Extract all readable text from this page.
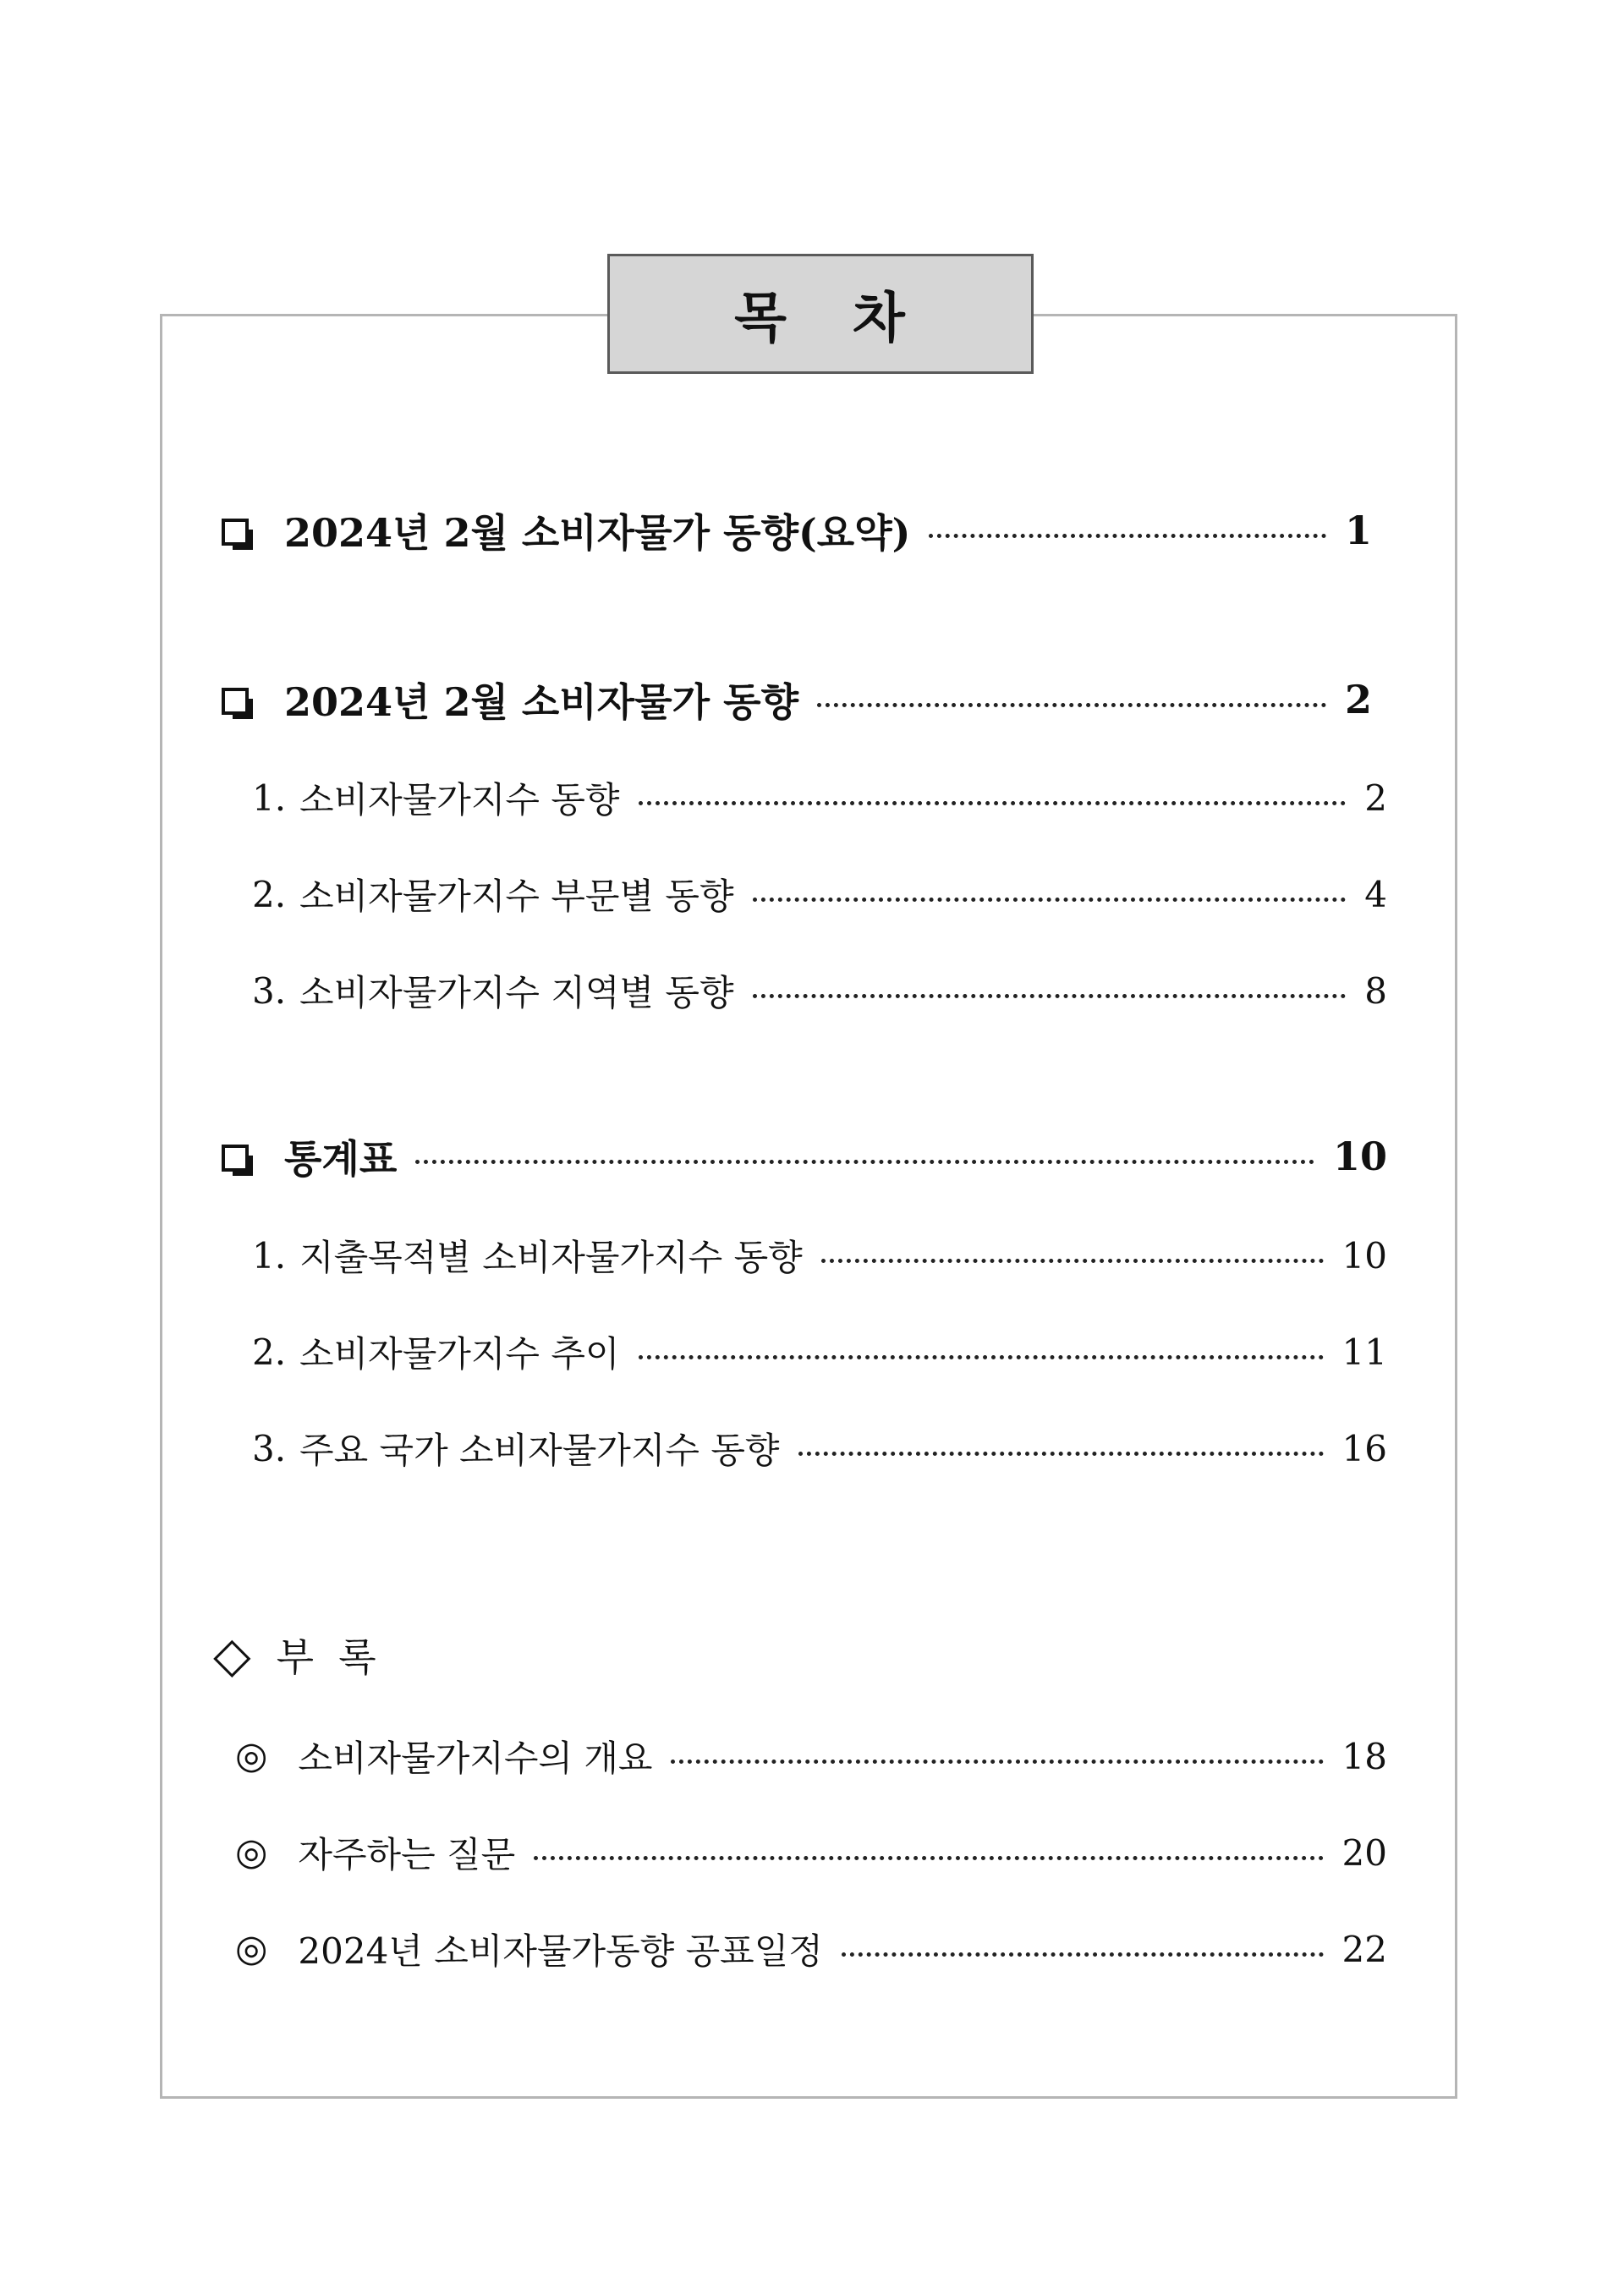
목 차
2024년 2월 소비자물가 동향(요약)	1
2024년 2월 소비자물가 동향	2
1. 소비자물가지수 동향	2
2. 소비자물가지수 부문별 동향	4
3. 소비자물가지수 지역별 동향	8
통계표	10
1. 지출목적별 소비자물가지수 동향	10
2. 소비자물가지수 추이	11
3. 주요 국가 소비자물가지수 동향	16
◇ 부  록
◎ 소비자물가지수의 개요	18
◎ 자주하는 질문	20
◎ 2024년 소비자물가동향 공표일정	22
